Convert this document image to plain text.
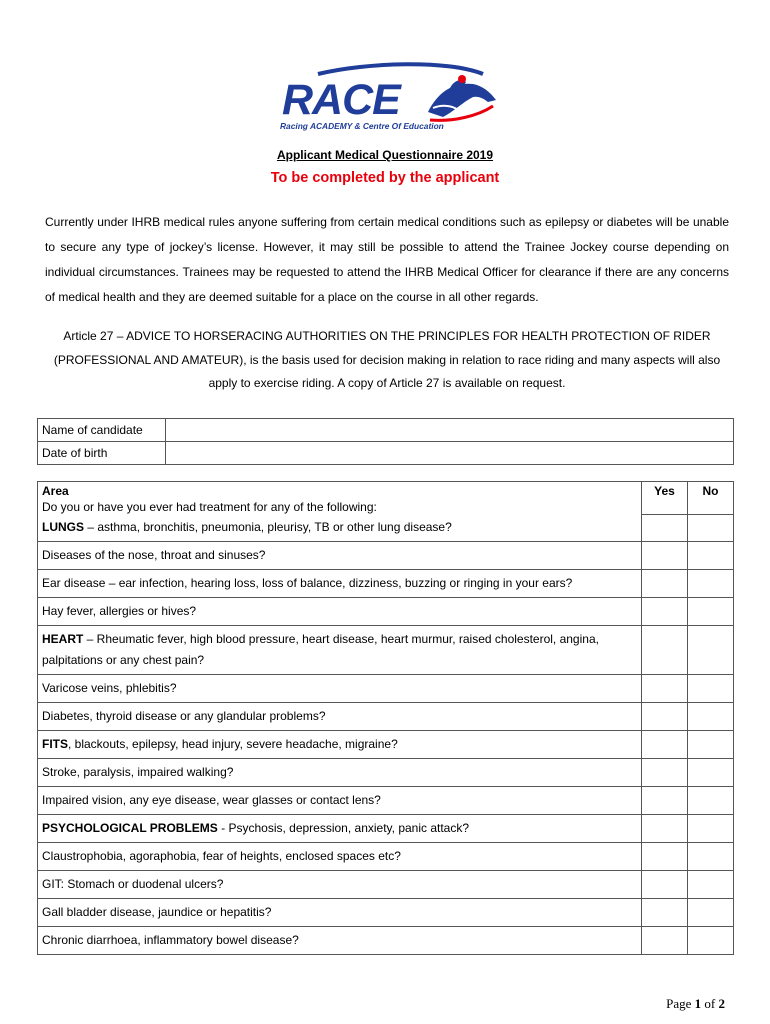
RACE
Racing ACADEMY & Centre Of Education
Applicant Medical Questionnaire 2019
To be completed by the applicant

Currently under IHRB medical rules anyone suffering from certain medical conditions such as epilepsy or diabetes will be unable to secure any type of jockey’s license. However, it may still be possible to attend the Trainee Jockey course depending on individual circumstances. Trainees may be requested to attend the IHRB Medical Officer for clearance if there are any concerns of medical health and they are deemed suitable for a place on the course in all other regards.

Article 27 – ADVICE TO HORSERACING AUTHORITIES ON THE PRINCIPLES FOR HEALTH PROTECTION OF RIDER (PROFESSIONAL AND AMATEUR), is the basis used for decision making in relation to race riding and many aspects will also apply to exercise riding. A copy of Article 27 is available on request.

Name of candidate	
Date of birth	
Area
Do you or have you ever had treatment for any of the following:	Yes	No
LUNGS – asthma, bronchitis, pneumonia, pleurisy, TB or other lung disease?		
Diseases of the nose, throat and sinuses?		
Ear disease – ear infection, hearing loss, loss of balance, dizziness, buzzing or ringing in your ears?		
Hay fever, allergies or hives?		
HEART – Rheumatic fever, high blood pressure, heart disease, heart murmur, raised cholesterol, angina, palpitations or any chest pain?		
Varicose veins, phlebitis?		
Diabetes, thyroid disease or any glandular problems?		
FITS, blackouts, epilepsy, head injury, severe headache, migraine?		
Stroke, paralysis, impaired walking?		
Impaired vision, any eye disease, wear glasses or contact lens?		
PSYCHOLOGICAL PROBLEMS - Psychosis, depression, anxiety, panic attack?		
Claustrophobia, agoraphobia, fear of heights, enclosed spaces etc?		
GIT: Stomach or duodenal ulcers?		
Gall bladder disease, jaundice or hepatitis?		
Chronic diarrhoea, inflammatory bowel disease?		
Page 1 of 2
